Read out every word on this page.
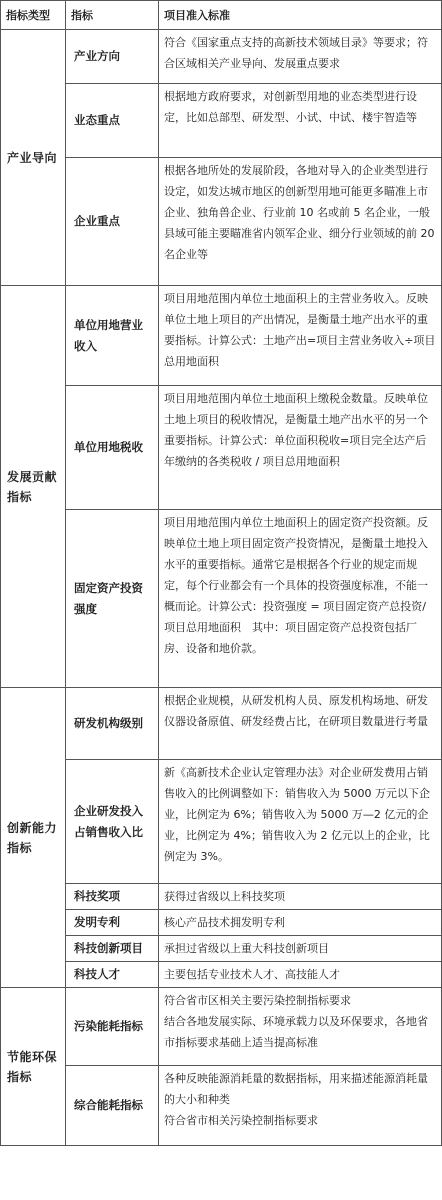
指标类型	指标	项目准入标准
产业导向	产业方向	符合《国家重点支持的高新技术领域目录》等要求；符合区域相关产业导向、发展重点要求

	业态重点	根据地方政府要求，对创新型用地的业态类型进行设定，比如总部型、研发型、小试、中试、楼宇智造等

	企业重点	根据各地所处的发展阶段，各地对导入的企业类型进行设定，如发达城市地区的创新型用地可能更多瞄准上市企业、独角兽企业、行业前 10 名或前 5 名企业，一般县域可能主要瞄准省内领军企业、细分行业领域的前 20 名企业等

发展贡献指标	单位用地营业收入	项目用地范围内单位土地面积上的主营业务收入。反映单位土地上项目的产出情况，是衡量土地产出水平的重要指标。计算公式：土地产出=项目主营业务收入÷项目总用地面积

	单位用地税收	项目用地范围内单位土地面积上缴税金数量。反映单位土地上项目的税收情况，是衡量土地产出水平的另一个重要指标。计算公式：单位面积税收=项目完全达产后年缴纳的各类税收 / 项目总用地面积

	固定资产投资强度	项目用地范围内单位土地面积上的固定资产投资额。反映单位土地上项目固定资产投资情况，是衡量土地投入水平的重要指标。通常它是根据各个行业的规定而规定，每个行业都会有一个具体的投资强度标准，不能一概而论。计算公式：投资强度 = 项目固定资产总投资/项目总用地面积　其中：项目固定资产总投资包括厂房、设备和地价款。

创新能力指标	研发机构级别	根据企业规模，从研发机构人员、原发机构场地、研发仪器设备原值、研发经费占比，在研项目数量进行考量

	企业研发投入占销售收入比	新《高新技术企业认定管理办法》对企业研发费用占销售收入的比例调整如下：销售收入为 5000 万元以下企业，比例定为 6%；销售收入为 5000 万—2 亿元的企业，比例定为 4%；销售收入为 2 亿元以上的企业，比例定为 3%。

	科技奖项	获得过省级以上科技奖项

	发明专利	核心产品技术拥发明专利

	科技创新项目	承担过省级以上重大科技创新项目

	科技人才	主要包括专业技术人才、高技能人才

节能环保指标	污染能耗指标	符合省市区相关主要污染控制指标要求
结合各地发展实际、环境承载力以及环保要求，各地省市指标要求基础上适当提高标准

	综合能耗指标	各种反映能源消耗量的数据指标，用来描述能源消耗量的大小和种类
符合省市相关污染控制指标要求
